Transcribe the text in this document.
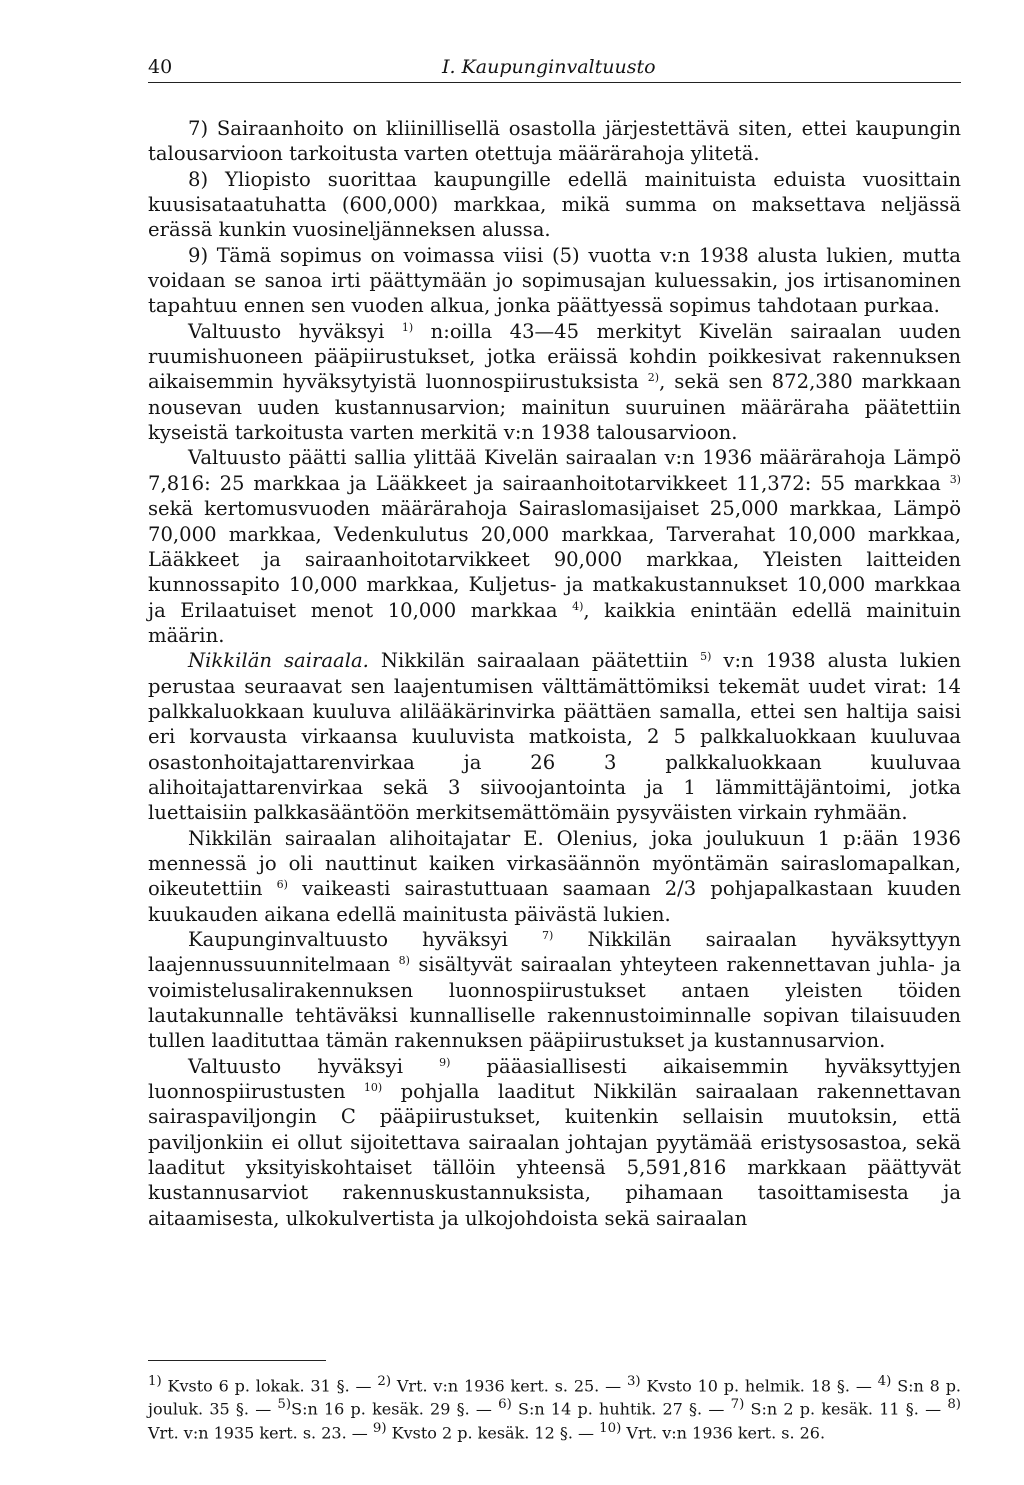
40	I. Kaupunginvaltuusto

7) Sairaanhoito on kliinillisellä osastolla järjestettävä siten, ettei kaupungin talousarvioon tarkoitusta varten otettuja määrärahoja ylitetä.

8) Yliopisto suorittaa kaupungille edellä mainituista eduista vuosittain kuusisataatuhatta (600,000) markkaa, mikä summa on maksettava neljässä erässä kunkin vuosineljänneksen alussa.

9) Tämä sopimus on voimassa viisi (5) vuotta v:n 1938 alusta lukien, mutta voidaan se sanoa irti päättymään jo sopimusajan kuluessakin, jos irtisanominen tapahtuu ennen sen vuoden alkua, jonka päättyessä sopimus tahdotaan purkaa.

Valtuusto hyväksyi $^{1)}$ n:oilla 43—45 merkityt Kivelän sairaalan uuden ruumishuoneen pääpiirustukset, jotka eräissä kohdin poikkesivat rakennuksen aikaisemmin hyväksytyistä luonnospiirustuksista $^{2)}$, sekä sen 872,380 markkaan nousevan uuden kustannusarvion; mainitun suuruinen määräraha päätettiin kyseistä tarkoitusta varten merkitä v:n 1938 talousarvioon.

Valtuusto päätti sallia ylittää Kivelän sairaalan v:n 1936 määrärahoja Lämpö 7,816: 25 markkaa ja Lääkkeet ja sairaanhoitotarvikkeet 11,372: 55 markkaa $^{3)}$ sekä kertomusvuoden määrärahoja Sairaslomasijaiset 25,000 markkaa, Lämpö 70,000 markkaa, Vedenkulutus 20,000 markkaa, Tarverahat 10,000 markkaa, Lääkkeet ja sairaanhoitotarvikkeet 90,000 markkaa, Yleisten laitteiden kunnossapito 10,000 markkaa, Kuljetus- ja matkakustannukset 10,000 markkaa ja Erilaatuiset menot 10,000 markkaa $^{4)}$, kaikkia enintään edellä mainituin määrin.

Nikkilän sairaala. Nikkilän sairaalaan päätettiin $^{5)}$ v:n 1938 alusta lukien perustaa seuraavat sen laajentumisen välttämättömiksi tekemät uudet virat: 14 palkkaluokkaan kuuluva alilääkärinvirka päättäen samalla, ettei sen haltija saisi eri korvausta virkaansa kuuluvista matkoista, 2 5 palkkaluokkaan kuuluvaa osastonhoitajattarenvirkaa ja 26 3 palkkaluokkaan kuuluvaa alihoitajattarenvirkaa sekä 3 siivoojantointa ja 1 lämmittäjäntoimi, jotka luettaisiin palkkasääntöön merkitsemättömäin pysyväisten virkain ryhmään.

Nikkilän sairaalan alihoitajatar E. Olenius, joka joulukuun 1 p:ään 1936 mennessä jo oli nauttinut kaiken virkasäännön myöntämän sairaslomapalkan, oikeutettiin $^{6)}$ vaikeasti sairastuttuaan saamaan 2/3 pohjapalkastaan kuuden kuukauden aikana edellä mainitusta päivästä lukien.

Kaupunginvaltuusto hyväksyi	$^{7)}$ Nikkilän sairaalan hyväksyttyyn laajennussuunnitelmaan $^{8)}$ sisältyvät sairaalan yhteyteen rakennettavan juhla- ja voimistelusalirakennuksen luonnospiirustukset antaen yleisten töiden lautakunnalle tehtäväksi kunnalliselle rakennustoiminnalle sopivan tilaisuuden tullen laadituttaa tämän rakennuksen pääpiirustukset ja kustannusarvion.

Valtuusto hyväksyi	$^{9)}$ pääasiallisesti aikaisemmin hyväksyttyjen luonnospiirustusten $^{10)}$ pohjalla laaditut Nikkilän sairaalaan rakennettavan sairaspaviljongin C pääpiirustukset, kuitenkin sellaisin muutoksin, että paviljonkiin ei ollut sijoitettava sairaalan johtajan pyytämää eristysosastoa, sekä laaditut yksityiskohtaiset tällöin yhteensä 5,591,816 markkaan päättyvät kustannusarviot rakennuskustannuksista, pihamaan tasoittamisesta ja aitaamisesta, ulkokulvertista ja ulkojohdoista sekä sairaalan

$^{1)}$ Kvsto 6 p. lokak. 31 §. — $^{2)}$ Vrt. v:n 1936 kert. s. 25. — $^{3)}$ Kvsto 10 p. helmik. 18 §. — $^{4)}$ S:n 8 p. jouluk. 35 §. — $^{5)}$S:n 16 p. kesäk. 29 §. — $^{6)}$ S:n 14 p. huhtik. 27 §. — $^{7)}$ S:n 2 p. kesäk. 11 §. — $^{8)}$ Vrt. v:n 1935 kert. s. 23. — $^{9)}$ Kvsto 2 p. kesäk. 12 §. — $^{10)}$ Vrt. v:n 1936 kert. s. 26.
